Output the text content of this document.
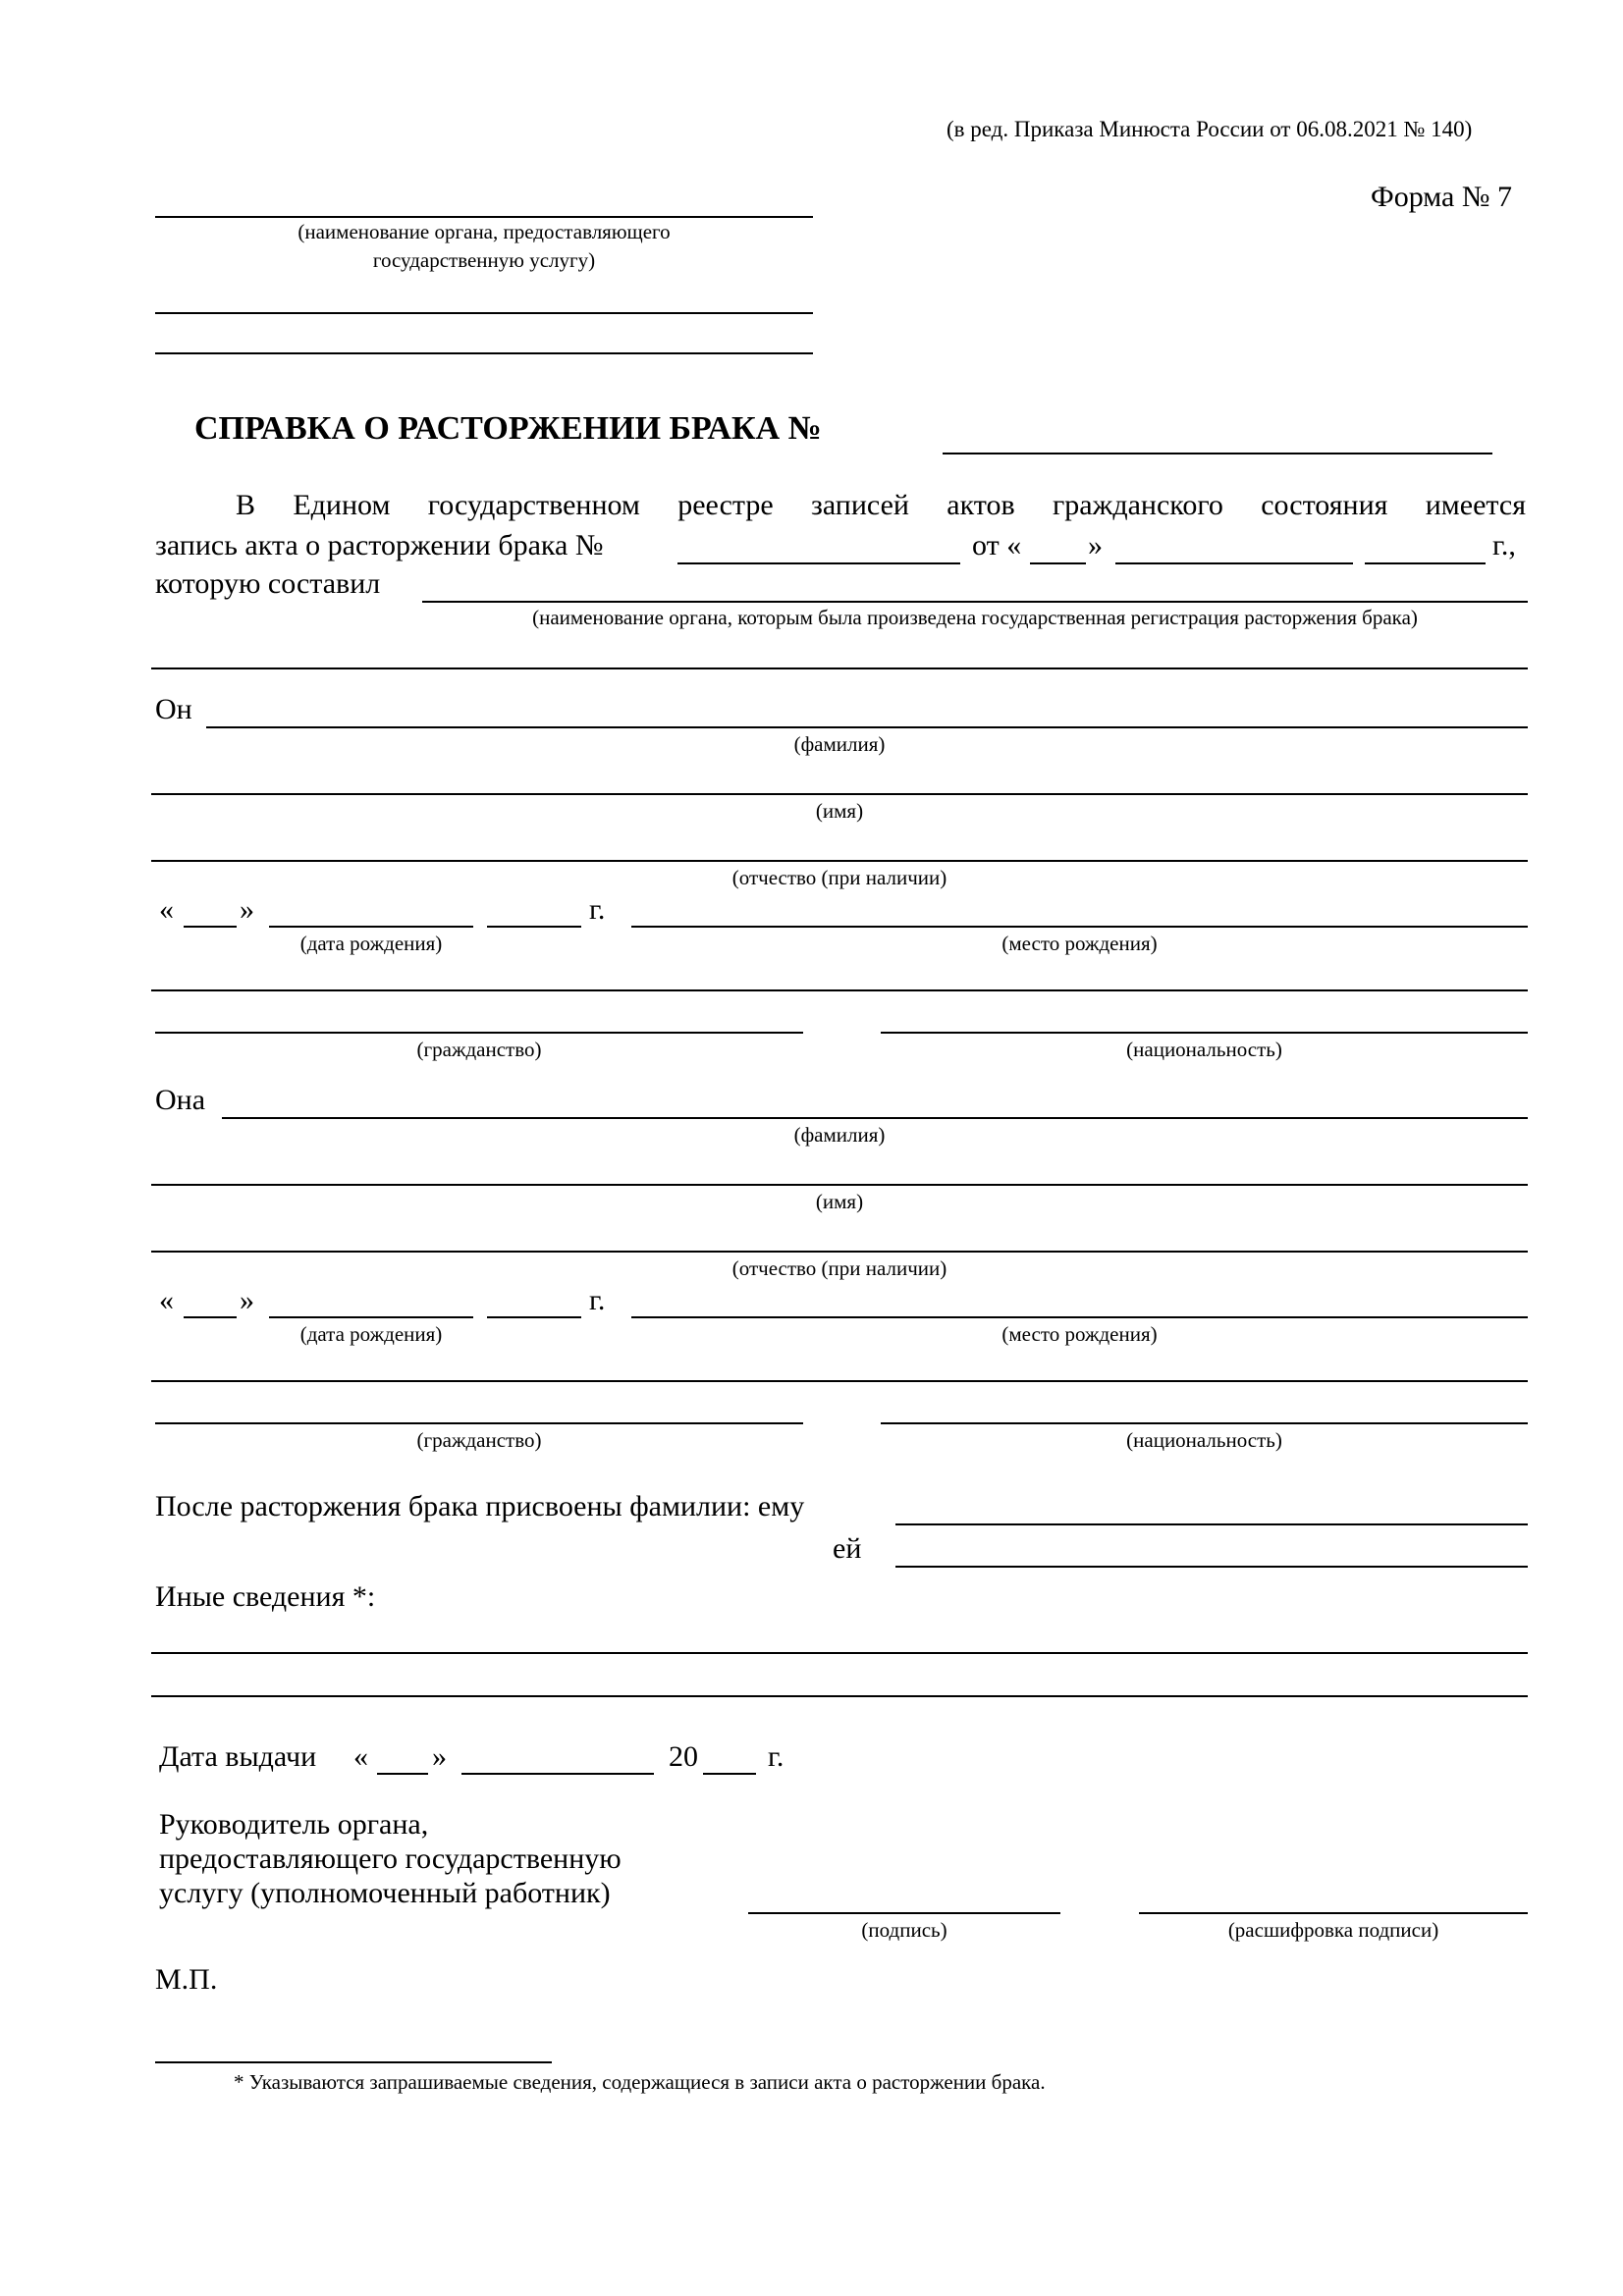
(в ред. Приказа Минюста России от 06.08.2021 № 140)
Форма № 7
(наименование органа, предоставляющего
государственную услугу)
СПРАВКА О РАСТОРЖЕНИИ БРАКА №
В Едином государственном реестре записей актов гражданского состояния имеется
запись акта о расторжении брака №	от « »	г.,
которую составил
(наименование органа, которым была произведена государственная регистрация расторжения брака)
Он
(фамилия)
(имя)
(отчество (при наличии)
« »	г.
(дата рождения)	(место рождения)
(гражданство)	(национальность)
Она
(фамилия)
(имя)
(отчество (при наличии)
« »	г.
(дата рождения)	(место рождения)
(гражданство)	(национальность)
После расторжения брака присвоены фамилии: ему
ей
Иные сведения *:
Дата выдачи « »	20 г.
Руководитель органа,
предоставляющего государственную
услугу (уполномоченный работник)
(подпись)	(расшифровка подписи)
М.П.
* Указываются запрашиваемые сведения, содержащиеся в записи акта о расторжении брака.
